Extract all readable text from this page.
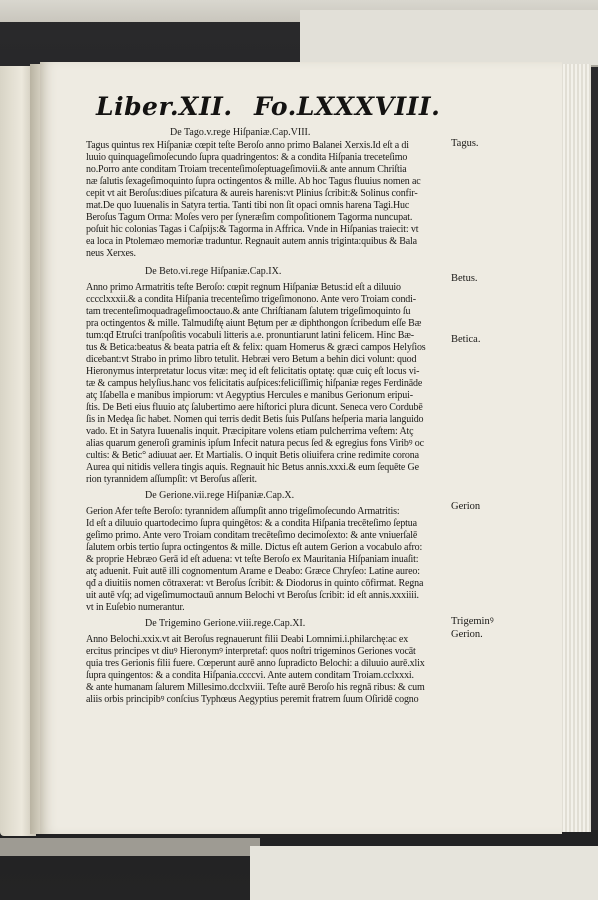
Liber.XII. Fo.LXXXVIII.
De Tago.v.rege Hiſpaniæ.Cap.VIII.
Tagus quintus rex Hiſpaniæ cœpit teſte Beroſo anno primo Balanei Xerxis.Id eſt a di
luuio quinquageſimoſecundo ſupra quadringentos: & a condita Hiſpania treceteſimo
no.Porro ante conditam Troiam trecenteſimoſeptuageſimovii.& ante annum Chriſtia
næ ſalutis ſexageſimoquinto ſupra octingentos & mille. Ab hoc Tagus fluuius nomen ac
cepit vt ait Beroſus:diues piſcatura & aureis harenis:vt Plinius ſcribit:& Solinus confir-
mat.De quo Iuuenalis in Satyra tertia. Tanti tibi non ſit opaci omnis harena Tagi.Huc
Beroſus Tagum Orma: Moſes vero per ſyneræſim compoſitionem Tagorma nuncupat.
poſuit hic colonias Tagas i Caſpijs:& Tagorma in Affrica. Vnde in Hiſpanias traiecit: vt
ea loca in Ptolemæo memoriæ traduntur. Regnauit autem annis triginta:quibus & Bala
neus Xerxes.
De Beto.vi.rege Hiſpaniæ.Cap.IX.
Anno primo Armatritis teſte Beroſo: cœpit regnum Hiſpaniæ Betus:id eſt a diluuio
cccclxxxii.& a condita Hiſpania trecenteſimo trigeſimonono. Ante vero Troiam condi-
tam trecenteſimoquadrageſimooctauo.& ante Chriſtianam ſalutem trigeſimoquinto ſu
pra octingentos & mille. Talmudiſtę aiunt Bętum per æ diphthongon ſcribedum eſſe Bæ
tum:qđ Etruſci tranſpoſitis vocabuli litteris a.e. pronuntiarunt latini felicem. Hinc Bæ-
tus & Betica:beatus & beata patria eſt & felix: quam Homerus & græci campos Helyſios
dicebant:vt Strabo in primo libro tetulit. Hebræi vero Betum a behin dici volunt: quod
Hieronymus interpretatur locus vitæ: meç id eſt felicitatis optatę: quæ cuiç eſt locus vi-
tæ & campus helyſius.hanc vos felicitatis auſpices:feliciſſimiç hiſpaniæ reges Ferdināde
atç Iſabella e manibus impiorum: vt Aegyptius Hercules e manibus Gerionum eripui-
ſtis. De Beti eius fluuio atç ſalubertimo aere hiſtorici plura dicunt. Seneca vero Cordubē
ſis in Medęa ſic habet. Nomen qui terris dedit Betis ſuis Pulſans heſperia maria languido
vado. Et in Satyra Iuuenalis inquit. Præcipitare volens etiam pulcherrima veſtem: Atç
alias quarum generoſi graminis ipſum Infecit natura pecus ſed & egregius fons Viribꝰ oc
cultis: & Betic° adiuuat aer. Et Martialis. O inquit Betis oliuifera crine redimite corona
Aurea qui nitidis vellera tingis aquis. Regnauit hic Betus annis.xxxi.& eum ſequēte Ge
rion tyrannidem aſſumpſit: vt Beroſus aſſerit.
De Gerione.vii.rege Hiſpaniæ.Cap.X.
Gerion Afer teſte Beroſo: tyrannidem aſſumpſit anno trigeſimoſecundo Armatritis:
Id eſt a diluuio quartodecimo ſupra quingētos: & a condita Hiſpania trecēteſimo ſeptua
geſimo primo. Ante vero Troiam conditam trecēteſimo decimoſexto: & ante vniuerſalē
ſalutem orbis tertio ſupra octingentos & mille. Dictus eſt autem Gerion a vocabulo afro:
& proprie Hebræo Gerā id eſt aduena: vt teſte Beroſo ex Mauritania Hiſpaniam inuaſit:
atç aduenit. Fuit autē illi cognomentum Arame e Deabo: Græce Chryſeo: Latine aureo:
qđ a diuitiis nomen cōtraxerat: vt Beroſus ſcribit: & Diodorus in quinto cōfirmat. Regna
uit autē vſq; ad vigeſimumoctauū annum Belochi vt Beroſus ſcribit: id eſt annis.xxxiiii.
vt in Euſebio numerantur.
De Trigemino Gerione.viii.rege.Cap.XI.
Anno Belochi.xxix.vt ait Beroſus regnauerunt filii Deabi Lomnimi.i.philarchę:ac ex
ercitus principes vt diuꝰ Hieronymꝰ interpretaf: quos noſtri trigeminos Geriones vocāt
quia tres Gerionis filii fuere. Cœperunt aurē anno ſupradicto Belochi: a diluuio aurē.xlix
ſupra quingentos: & a condita Hiſpania.ccccvi. Ante autem conditam Troiam.cclxxxi.
& ante humanam ſalurem Millesimo.dcclxviii. Teſte aurē Beroſo his regnā ribus: & cum
aliis orbis principibꝰ conſcius Typhœus Aegyptius peremit fratrem ſuum Oſiridē cogno
Tagus.
Betus.
Betica.
Gerion
Trigeminꝰ
Gerion.
